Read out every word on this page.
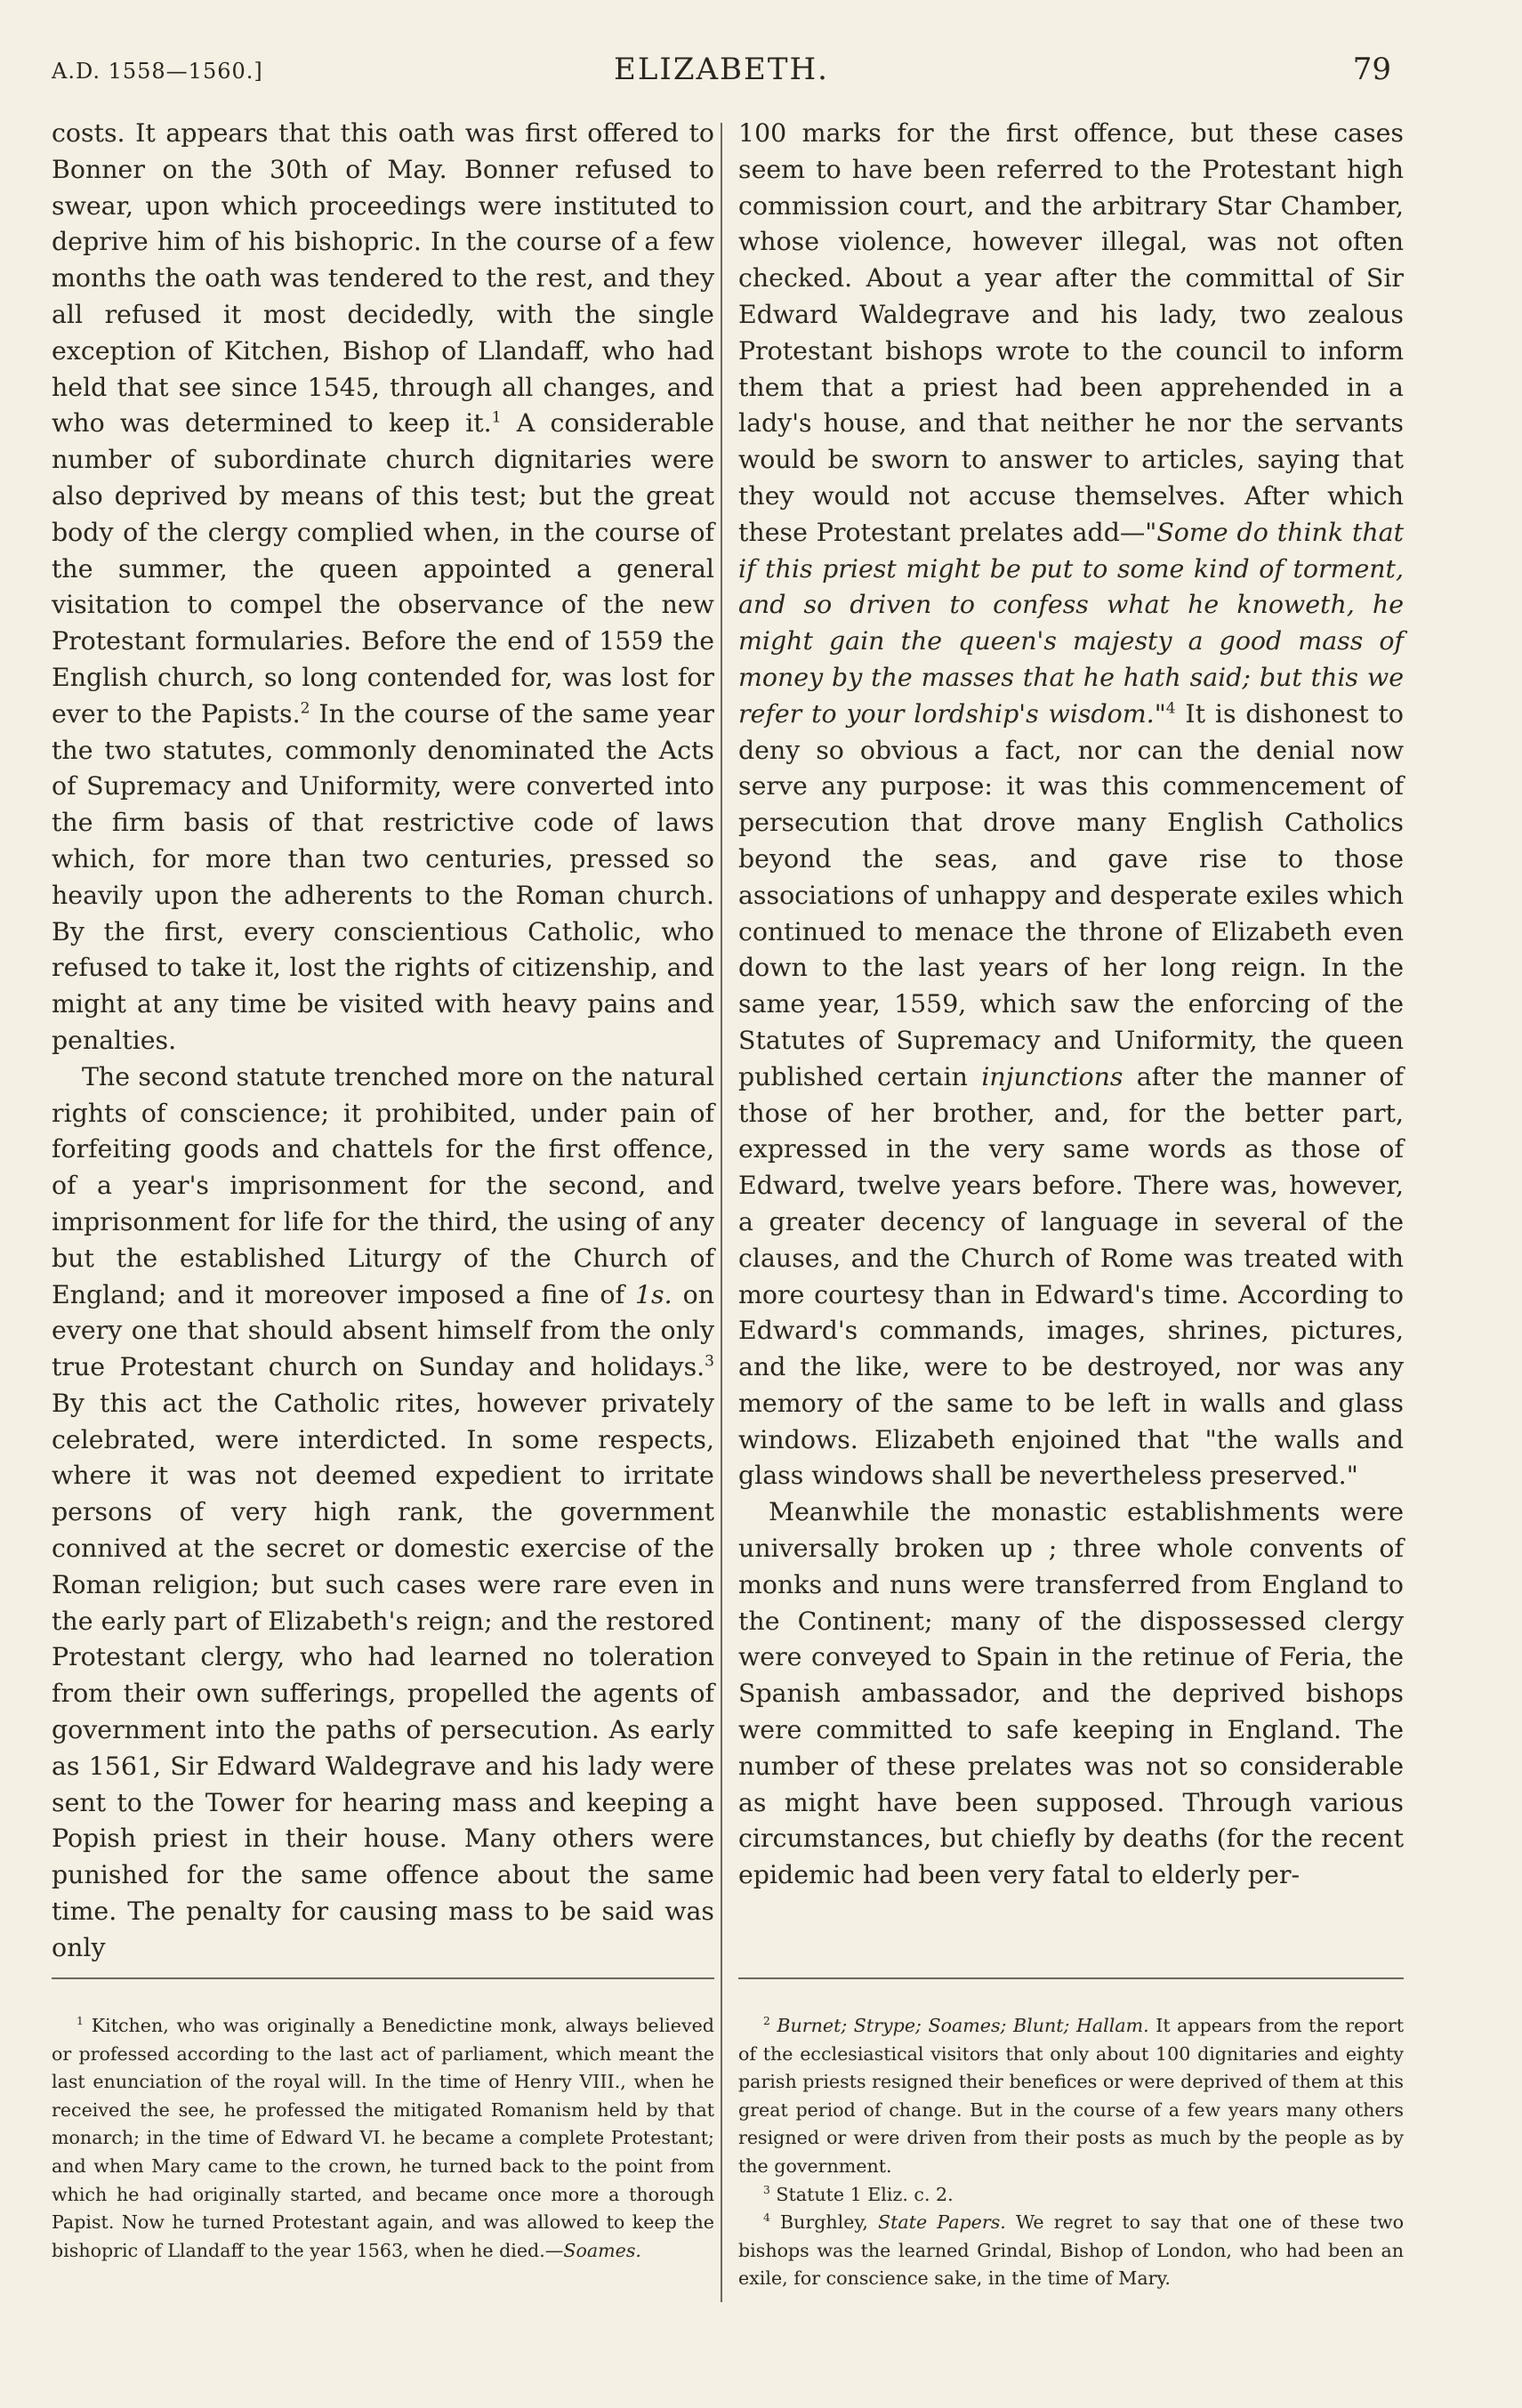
A.D. 1558—1560.]	ELIZABETH.	79

costs. It appears that this oath was first offered to Bonner on the 30th of May. Bonner refused to swear, upon which proceedings were instituted to deprive him of his bishopric. In the course of a few months the oath was tendered to the rest, and they all refused it most decidedly, with the single exception of Kitchen, Bishop of Llandaff, who had held that see since 1545, through all changes, and who was determined to keep it.$^1$ A considerable number of subordinate church dignitaries were also deprived by means of this test; but the great body of the clergy complied when, in the course of the summer, the queen appointed a general visitation to compel the observance of the new Protestant formularies. Before the end of 1559 the English church, so long contended for, was lost for ever to the Papists.$^2$ In the course of the same year the two statutes, commonly denominated the Acts of Supremacy and Uniformity, were converted into the firm basis of that restrictive code of laws which, for more than two centuries, pressed so heavily upon the adherents to the Roman church. By the first, every conscientious Catholic, who refused to take it, lost the rights of citizenship, and might at any time be visited with heavy pains and penalties.

The second statute trenched more on the natural rights of conscience; it prohibited, under pain of forfeiting goods and chattels for the first offence, of a year's imprisonment for the second, and imprisonment for life for the third, the using of any but the established Liturgy of the Church of England; and it moreover imposed a fine of 1s. on every one that should absent himself from the only true Protestant church on Sunday and holidays.$^3$ By this act the Catholic rites, however privately celebrated, were interdicted. In some respects, where it was not deemed expedient to irritate persons of very high rank, the government connived at the secret or domestic exercise of the Roman religion; but such cases were rare even in the early part of Elizabeth's reign; and the restored Protestant clergy, who had learned no toleration from their own sufferings, propelled the agents of government into the paths of persecution. As early as 1561, Sir Edward Waldegrave and his lady were sent to the Tower for hearing mass and keeping a Popish priest in their house. Many others were punished for the same offence about the same time. The penalty for causing mass to be said was only

100 marks for the first offence, but these cases seem to have been referred to the Protestant high commission court, and the arbitrary Star Chamber, whose violence, however illegal, was not often checked. About a year after the committal of Sir Edward Waldegrave and his lady, two zealous Protestant bishops wrote to the council to inform them that a priest had been apprehended in a lady's house, and that neither he nor the servants would be sworn to answer to articles, saying that they would not accuse themselves. After which these Protestant prelates add—"Some do think that if this priest might be put to some kind of torment, and so driven to confess what he knoweth, he might gain the queen's majesty a good mass of money by the masses that he hath said; but this we refer to your lordship's wisdom."$^4$ It is dishonest to deny so obvious a fact, nor can the denial now serve any purpose: it was this commencement of persecution that drove many English Catholics beyond the seas, and gave rise to those associations of unhappy and desperate exiles which continued to menace the throne of Elizabeth even down to the last years of her long reign. In the same year, 1559, which saw the enforcing of the Statutes of Supremacy and Uniformity, the queen published certain injunctions after the manner of those of her brother, and, for the better part, expressed in the very same words as those of Edward, twelve years before. There was, however, a greater decency of language in several of the clauses, and the Church of Rome was treated with more courtesy than in Edward's time. According to Edward's commands, images, shrines, pictures, and the like, were to be destroyed, nor was any memory of the same to be left in walls and glass windows. Elizabeth enjoined that "the walls and glass windows shall be nevertheless preserved."

Meanwhile the monastic establishments were universally broken up ; three whole convents of monks and nuns were transferred from England to the Continent; many of the dispossessed clergy were conveyed to Spain in the retinue of Feria, the Spanish ambassador, and the deprived bishops were committed to safe keeping in England. The number of these prelates was not so considerable as might have been supposed. Through various circumstances, but chiefly by deaths (for the recent epidemic had been very fatal to elderly per-

$^1$ Kitchen, who was originally a Benedictine monk, always believed or professed according to the last act of parliament, which meant the last enunciation of the royal will. In the time of Henry VIII., when he received the see, he professed the mitigated Romanism held by that monarch; in the time of Edward VI. he became a complete Protestant; and when Mary came to the crown, he turned back to the point from which he had originally started, and became once more a thorough Papist. Now he turned Protestant again, and was allowed to keep the bishopric of Llandaff to the year 1563, when he died.—Soames.

$^2$ Burnet; Strype; Soames; Blunt; Hallam. It appears from the report of the ecclesiastical visitors that only about 100 dignitaries and eighty parish priests resigned their benefices or were deprived of them at this great period of change. But in the course of a few years many others resigned or were driven from their posts as much by the people as by the government.

$^3$ Statute 1 Eliz. c. 2.

$^4$ Burghley, State Papers. We regret to say that one of these two bishops was the learned Grindal, Bishop of London, who had been an exile, for conscience sake, in the time of Mary.
